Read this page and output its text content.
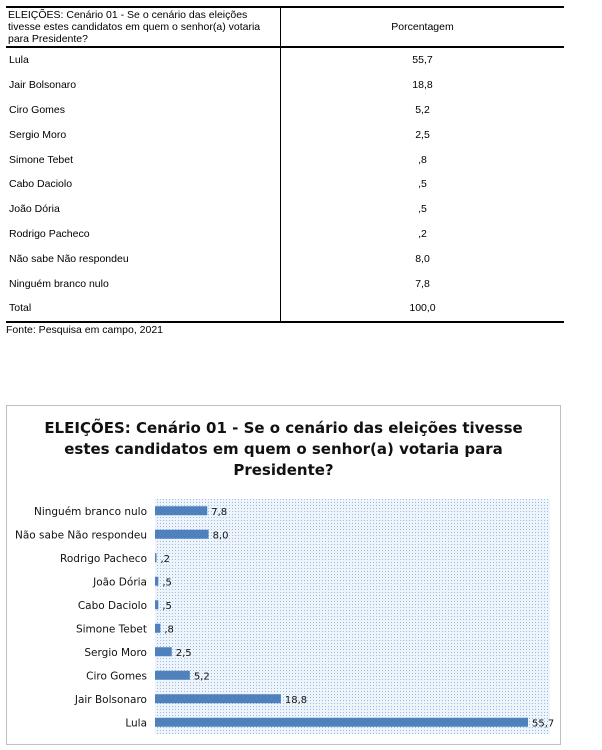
ELEIÇÕES: Cenário 01 - Se o cenário das eleições
tivesse estes candidatos em quem o senhor(a) votaria
para Presidente?	Porcentagem
Lula	55,7
Jair Bolsonaro	18,8
Ciro Gomes	5,2
Sergio Moro	2,5
Simone Tebet	,8
Cabo Daciolo	,5
João Dória	,5
Rodrigo Pacheco	,2
Não sabe Não respondeu	8,0
Ninguém branco nulo	7,8
Total	100,0
Fonte: Pesquisa em campo, 2021
Ninguém branco nulo	7,8
Não sabe Não respondeu	8,0
Rodrigo Pacheco ,2
João Dória ,5
Cabo Daciolo ,5
Simone Tebet ,8
Sergio Moro	2,5
Ciro Gomes	5,2
Jair Bolsonaro	18,8
Lula	55,7
ELEIÇÕES: Cenário 01 - Se o cenário das eleições tivesse
estes candidatos em quem o senhor(a) votaria para
Presidente?
